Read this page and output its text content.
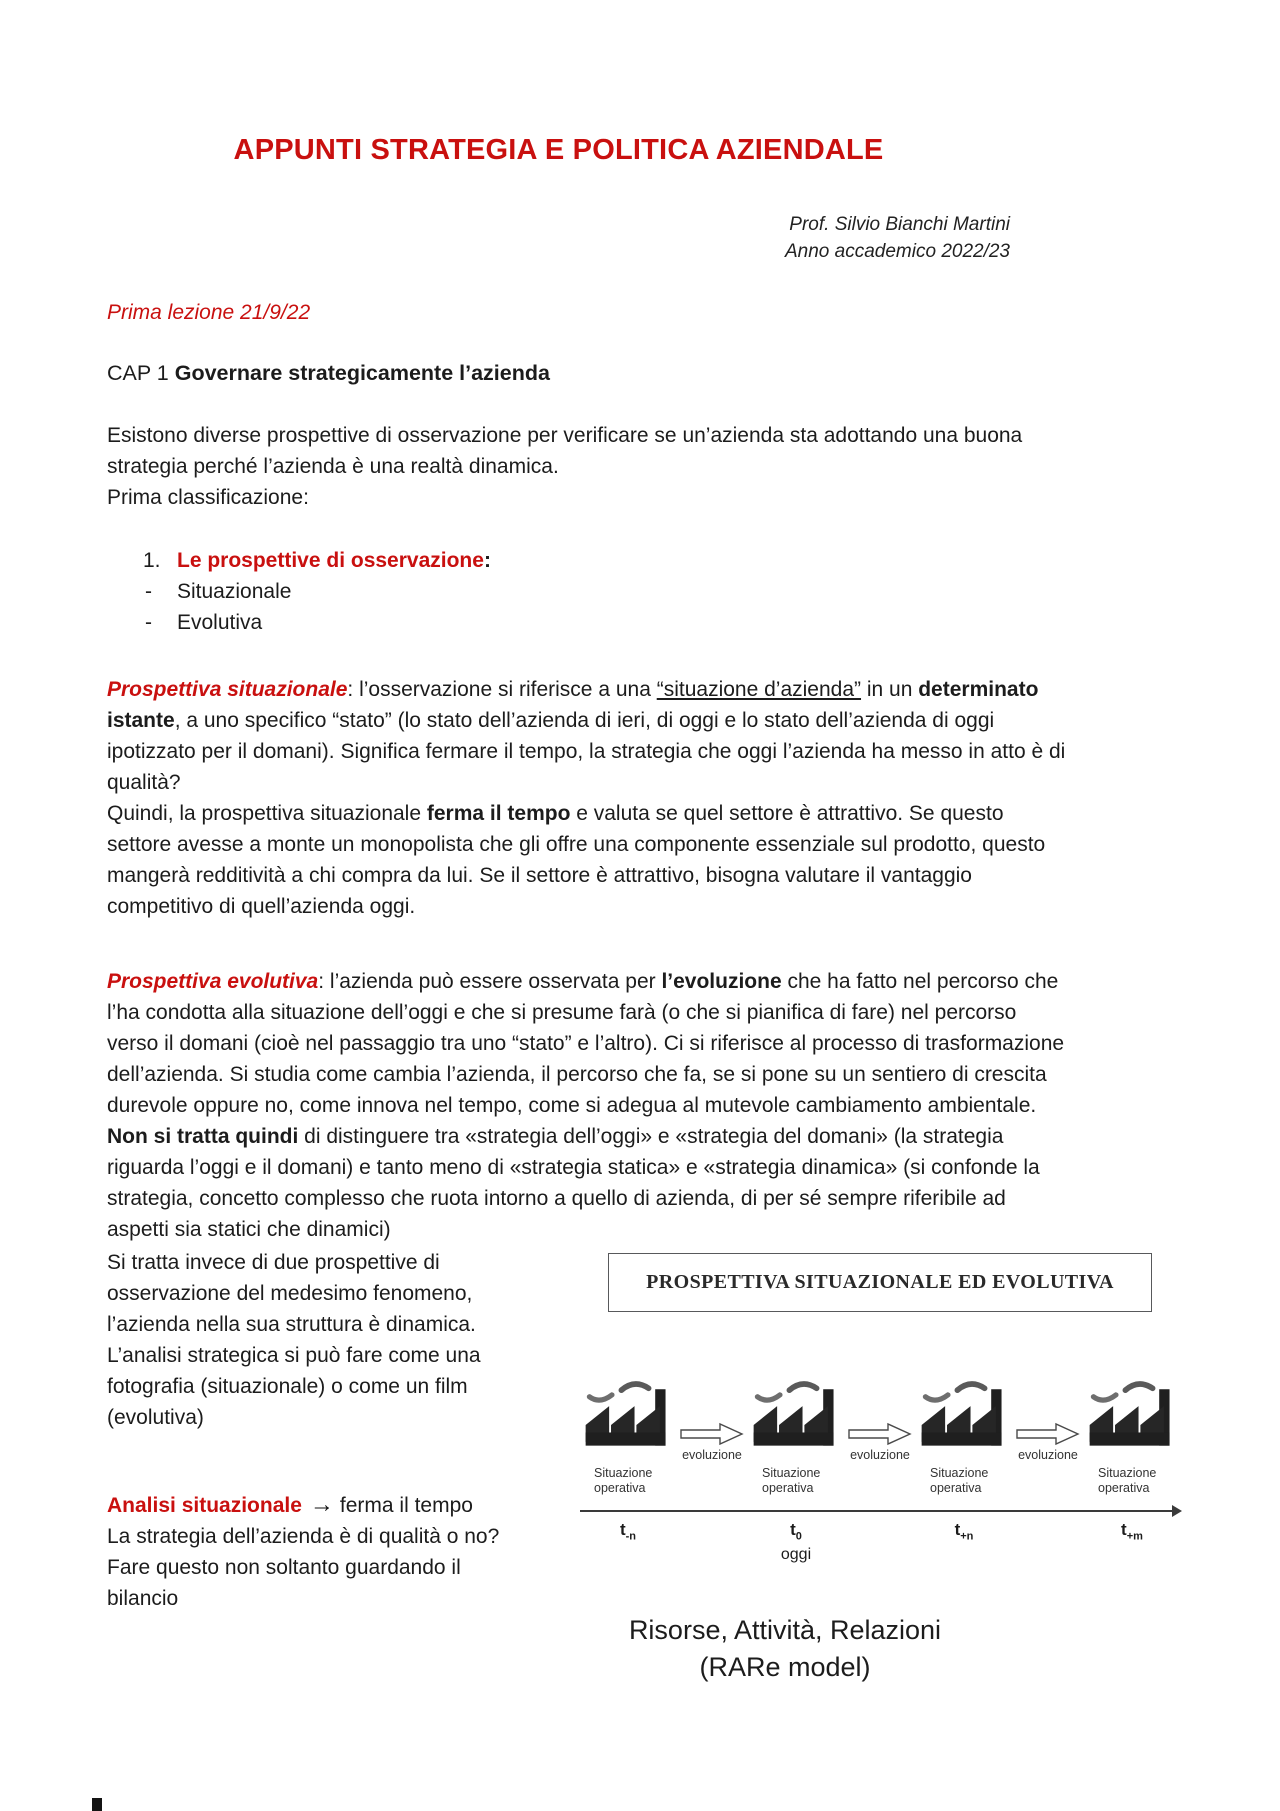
APPUNTI STRATEGIA E POLITICA AZIENDALE
Prof. Silvio Bianchi Martini
Anno accademico 2022/23
Prima lezione 21/9/22
CAP 1 Governare strategicamente l’azienda

Esistono diverse prospettive di osservazione per verificare se un’azienda sta adottando una buona strategia perché l’azienda è una realtà dinamica.
Prima classificazione:

1. Le prospettive di osservazione:
- Situazionale
- Evolutiva

Prospettiva situazionale: l’osservazione si riferisce a una “situazione d’azienda” in un determinato istante, a uno specifico “stato” (lo stato dell’azienda di ieri, di oggi e lo stato dell’azienda di oggi ipotizzato per il domani). Significa fermare il tempo, la strategia che oggi l’azienda ha messo in atto è di qualità?
Quindi, la prospettiva situazionale ferma il tempo e valuta se quel settore è attrattivo. Se questo settore avesse a monte un monopolista che gli offre una componente essenziale sul prodotto, questo mangerà redditività a chi compra da lui. Se il settore è attrattivo, bisogna valutare il vantaggio competitivo di quell’azienda oggi.

Prospettiva evolutiva: l’azienda può essere osservata per l’evoluzione che ha fatto nel percorso che l’ha condotta alla situazione dell’oggi e che si presume farà (o che si pianifica di fare) nel percorso verso il domani (cioè nel passaggio tra uno “stato” e l’altro). Ci si riferisce al processo di trasformazione dell’azienda. Si studia come cambia l’azienda, il percorso che fa, se si pone su un sentiero di crescita durevole oppure no, come innova nel tempo, come si adegua al mutevole cambiamento ambientale.
Non si tratta quindi di distinguere tra «strategia dell’oggi» e «strategia del domani» (la strategia riguarda l’oggi e il domani) e tanto meno di «strategia statica» e «strategia dinamica» (si confonde la strategia, concetto complesso che ruota intorno a quello di azienda, di per sé sempre riferibile ad aspetti sia statici che dinamici)

Si tratta invece di due prospettive di osservazione del medesimo fenomeno, l’azienda nella sua struttura è dinamica. L’analisi strategica si può fare come una fotografia (situazionale) o come un film (evolutiva)

Analisi situazionale → ferma il tempo
La strategia dell’azienda è di qualità o no?
Fare questo non soltanto guardando il bilancio
PROSPETTIVA SITUAZIONALE ED EVOLUTIVA
Situazione
operativa
evoluzione
Situazione
operativa
evoluzione
Situazione
operativa
evoluzione
Situazione
operativa
$t_{-n}$	$t_0$
oggi
$t_{+n}$	$t_{+m}$
Risorse, Attività, Relazioni
(RARe model)
